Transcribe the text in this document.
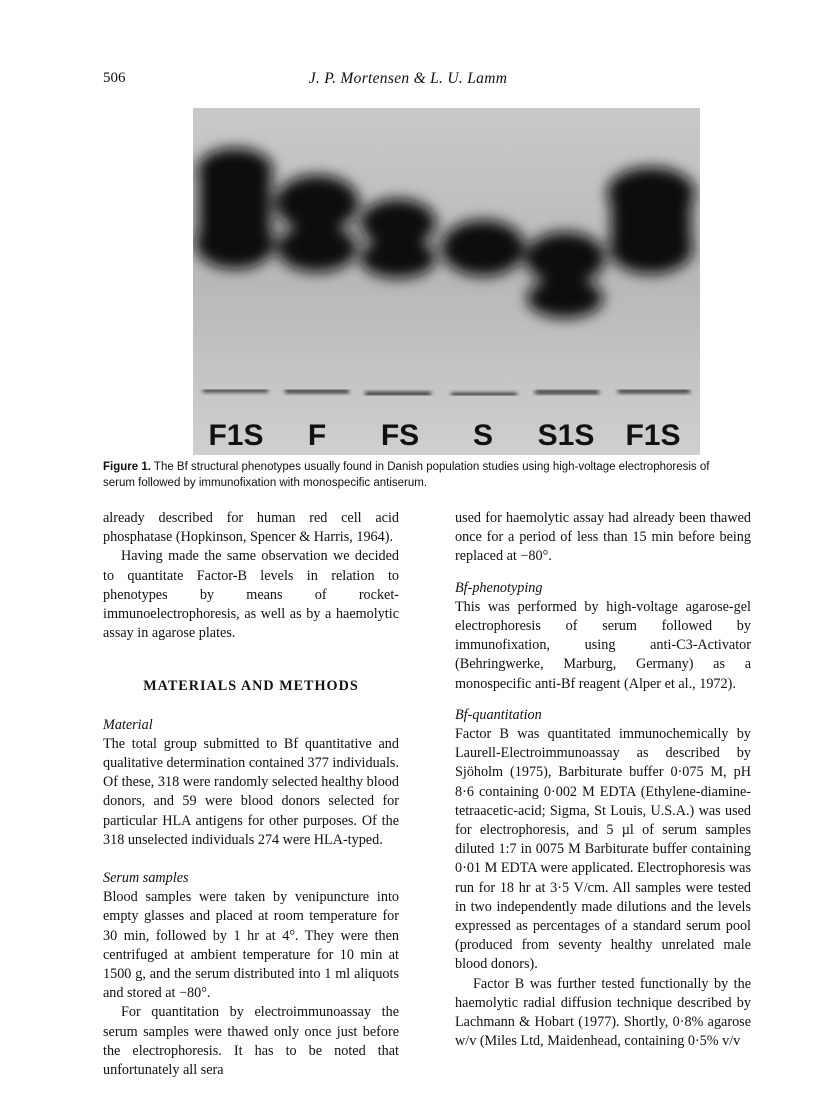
506	J. P. Mortensen & L. U. Lamm
F1S F FS S S1S F1S
Figure 1. The Bf structural phenotypes usually found in Danish population studies using high-voltage electrophoresis of serum followed by immunofixation with monospecific antiserum.

already described for human red cell acid phosphatase (Hopkinson, Spencer & Harris, 1964).

Having made the same observation we decided to quantitate Factor-B levels in relation to phenotypes by means of rocket-immunoelectrophoresis, as well as by a haemolytic assay in agarose plates.

MATERIALS AND METHODS

Material

The total group submitted to Bf quantitative and qualitative determination contained 377 individuals. Of these, 318 were randomly selected healthy blood donors, and 59 were blood donors selected for particular HLA antigens for other purposes. Of the 318 unselected individuals 274 were HLA-typed.

Serum samples

Blood samples were taken by venipuncture into empty glasses and placed at room temperature for 30 min, followed by 1 hr at 4°. They were then centrifuged at ambient temperature for 10 min at 1500 g, and the serum distributed into 1 ml aliquots and stored at −80°.

For quantitation by electroimmunoassay the serum samples were thawed only once just before the electrophoresis. It has to be noted that unfortunately all sera

used for haemolytic assay had already been thawed once for a period of less than 15 min before being replaced at −80°.

Bf-phenotyping

This was performed by high-voltage agarose-gel electrophoresis of serum followed by immunofixation, using anti-C3-Activator (Behringwerke, Marburg, Germany) as a monospecific anti-Bf reagent (Alper et al., 1972).

Bf-quantitation

Factor B was quantitated immunochemically by Laurell-Electroimmunoassay as described by Sjöholm (1975), Barbiturate buffer 0·075 M, pH 8·6 containing 0·002 M EDTA (Ethylene-diamine-tetraacetic-acid; Sigma, St Louis, U.S.A.) was used for electrophoresis, and 5 µl of serum samples diluted 1:7 in 0075 M Barbiturate buffer containing 0·01 M EDTA were applicated. Electrophoresis was run for 18 hr at 3·5 V/cm. All samples were tested in two independently made dilutions and the levels expressed as percentages of a standard serum pool (produced from seventy healthy unrelated male blood donors).

Factor B was further tested functionally by the haemolytic radial diffusion technique described by Lachmann & Hobart (1977). Shortly, 0·8% agarose w/v (Miles Ltd, Maidenhead, containing 0·5% v/v
